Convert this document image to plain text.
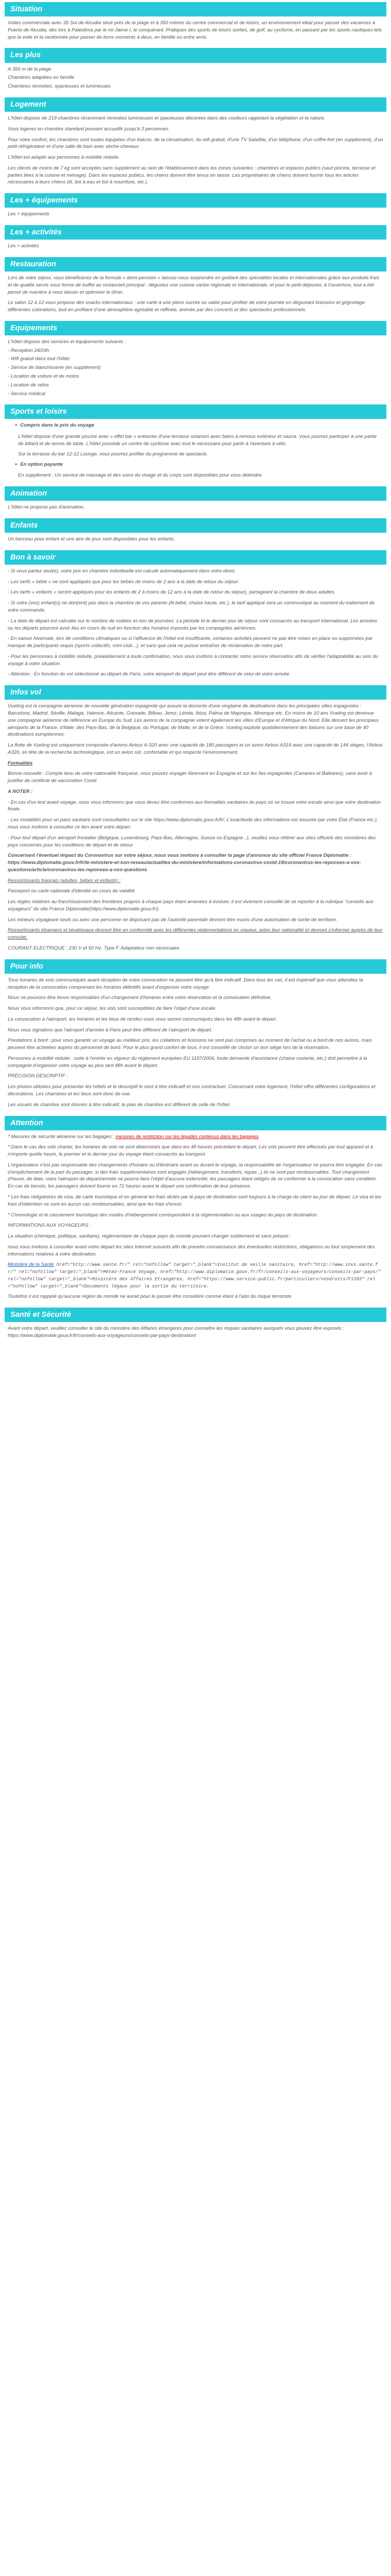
Situation

Voiles commerciale avec 35 Sol de Alcudia situé près de la plage et à 350 mètres du centre commercial et de loisirs, un environnement idéal pour passer des vacances à Puerto de Alcudia, dès lors à Paléolima par le roi Jaime I, le conquérant. Pratiques des sports de loisirs sorties, de golf, au cyclisme, en passant par les sports nautiques tels que la voile et la randonnée pour passer de bons moments à deux, en famille ou entre amis.

Les plus

A 350 m de la plage

Chambres adaptées en famille

Chambres rénovées, spacieuses et lumineuses

Logement

L'hôtel dispose de 219 chambres récemment rénovées lumineuses et spacieuses décorées dans des couleurs rappelant la végétation et la nature.

Vous logerez en chambre standard pouvant accueillir jusqu'à 3 personnes.

Pour votre confort, les chambres sont toutes équipées d'un balcon, de la climatisation, du wifi gratuit, d'une TV Satellite, d'un téléphone, d'un coffre-fort (en supplément), d'un petit réfrigérateur et d'une salle de bain avec sèche-cheveux.

L'hôtel est adapté aux personnes à mobilité réduite.

Les clients de moins de 7 kg sont acceptés sans supplément au sein de l'établissement dans les zones suivantes : chambres et espaces publics (sauf piscine, terrasse et parties liées à la cuisine et ménage). Dans les espaces publics, les chiens doivent être tenus en laisse. Les propriétaires de chiens doivent fournir tous les articles nécessaires à leurs chiens (lit, bol à eau et bol à nourriture, etc.).

Les + équipements

Les + équipements

Les + activités

Les + activités

Restauration

Lors de votre séjour, vous bénéficierez de la formule « demi-pension » laissez-vous surprendre en goûtant des spécialités locales et internationales grâce aux produits frais et de qualité servis sous forme de buffet au restaurant principal : dégustez une cuisine variée régionale et internationale, et pour le petit-déjeuner, à l'ouverture, tout a été pensé de manière à vous laisser et optimiser le dîner.

Le salon 12 à 12 vous propose des snacks internationaux : une carte à une pièce sucrée ou salée pour profiter de votre journée en dégustant boissons et grignotage différentes colorations, tout en profitant d'une atmosphère agréable et raffinée, animée par des concerts et des spectacles professionnels.

Equipements

L'hôtel dispose des services et équipements suivants :

- Réception 24/24h

- Wifi gratuit dans tout l'hôtel

- Service de blanchisserie (en supplément)

- Location de voiture et de motos

- Location de vélos

- Service médical

Sports et loisirs
● Compris dans le prix du voyage

L'hôtel dispose d'une grande piscine avec « effet bar » entourée d'une terrasse solarium avec bains à remous extérieur et sauna. Vous pourrez participer à une partie de billard et de tennis de table. L'hôtel possède un centre de cyclisme avec tout le nécessaire pour partir à l'aventure à vélo.

Sur la terrasse du bar 12-12 Lounge, vous pourrez profiter du programme de spectacle.

● En option payante

En supplément : Un service de massage et des soins du visage et du corps sont disponibles pour vous détendre.

Animation

L'hôtel ne propose pas d'animation.

Enfants

Un berceau pour enfant et une aire de jeux sont disponibles pour les enfants.

Bon à savoir

- Si vous partez seul(e), votre prix en chambre individuelle est calculé automatiquement dans votre devis.

- Les tarifs « bébé » ne sont appliqués que pour les bébés de moins de 2 ans à la date de retour du séjour.

- Les tarifs « enfants » seront appliqués pour les enfants de 2 à moins de 12 ans à la date de retour du séjour), partageant la chambre de deux adultes.

- Si votre (vos) enfant(s) ne dort(ent) pas dans la chambre de vos parents (lit bébé, chaise haute, etc.), le tarif appliqué sera un communiqué au moment du traitement de votre commande.

- La date de départ est calculée sur le nombre de nuitées et non de journées. La période et le dernier jour de séjour sont consacrés au transport international. Les arrivées ou les départs pourront avoir lieu en cours de nuit en fonction des horaires imposés par les compagnies aériennes.

- En saison hivernale, lors de conditions climatiques ou si l'affluence de l'hôtel est insuffisante, certaines activités peuvent ne pas être mises en place ou supprimées par manque de participants requis (sports collectifs, mini-club...), et sans que cela ne puisse entraîner de réclamation de notre part.

- Pour les personnes à mobilité réduite, préalablement à toute confirmation, nous vous invitons à contacter notre service réservation afin de vérifier l'adaptabilité au sein du voyage à votre situation.

- Attention : En fonction du vol sélectionné au départ de Paris, votre aéroport de départ peut être différent de celui de votre arrivée.

Infos vol

Vueling est la compagnie aérienne de nouvelle génération espagnole qui assure la desserte d'une vingtaine de destinations dans les principales villes espagnoles : Barcelone, Madrid, Séville, Malaga, Valence, Alicante, Grenade, Bilbao, Jerez, Lérida, Ibiza, Palma de Majorque, Minorque etc. En moins de 10 ans Vueling est devenue une compagnie aérienne de référence en Europe du Sud. Les avions de la compagnie volent également les villes d'Europe et d'Afrique du Nord. Elle dessert les principaux aéroports de la France, d'Italie, des Pays-Bas, de la Belgique, du Portugal, de Malte, et de la Grèce. Vueling exploite quotidiennement des liaisons sur une base de 40 destinations européennes.

La flotte de Vueling est uniquement composée d'avions Airbus A-320 avec une capacité de 180 passagers et un avion Airbus A319 avec une capacité de 144 sièges, l'Airbus A320, en tête de la recherche technologique, est un avion sûr, confortable et qui respecte l'environnement.

Formalités

Bonne nouvelle : Compte tenu de votre nationalité française, vous pouvez voyager librement en Espagne et sur les îles espagnoles (Canaries et Baléares), sans avoir à justifier de certificat de vaccination Covid.

A NOTER :

- En cas d'un test avant voyage, nous vous informons que vous devez être conformes aux formalités sanitaires du pays où se trouve votre escale ainsi que votre destination finale.

- Les modalités pour un pass sanitaire sont consultables sur le site https://www.diplomatie.gouv.fr/fr/. L'exactitude des informations est assurée par votre État (France etc.), nous vous invitons à consulter ce lien avant votre départ.

- Pour tout départ d'un aéroport frontalier (Belgique, Luxembourg, Pays-Bas, Allemagne, Suisse ou Espagne...), veuillez vous référer aux sites officiels des ministères des pays concernés pour les conditions de départ et de retour.

Concernant l'éventuel impact du Coronavirus sur votre séjour, nous vous invitons à consulter la page d'annonce du site officiel France Diplomatie : https://www.diplomatie.gouv.fr/fr/le-ministere-et-son-reseau/actualites-du-ministere/informations-coronavirus-covid-19/coronavirus-les-reponses-a-vos-questions/article/coronavirus-les-reponses-a-vos-questions

Ressortissants français (adultes, bébés et enfants) :

Passeport ou carte nationale d'identité en cours de validité.

Les règles relatives au franchissement des frontières propres à chaque pays étant amenées à évoluer, il est vivement conseillé de se reporter à la rubrique "conseils aux voyageurs" du site France Diplomatie(https://www.diplomatie.gouv.fr/).

Les mineurs voyageant seuls ou avec une personne ne disposant pas de l'autorité parentale devront être munis d'une autorisation de sortie de territoire.

Ressortissants étrangers et binationaux devront être en conformité avec les différentes réglementations en vigueur, selon leur nationalité et devront s'informer auprès de leur consulat.

COURANT ELECTRIQUE : 230 V et 50 Hz. Type F. Adaptateur non nécessaire.

Pour info

Tous horaires de vols communiqués avant réception de votre convocation ne peuvent être qu'à titre indicatif. Dans tous les cas, il est impératif que vous attendiez la réception de la convocation comprenant les horaires définitifs avant d'organiser votre voyage.

Nous ne pouvons être tenus responsables d'un changement d'horaires entre votre réservation et la convocation définitive.

Nous vous informons que, pour ce séjour, les vols sont susceptibles de faire l'objet d'une escale.

La convocation à l'aéroport, les horaires et les lieux de rendez-vous vous seront communiqués dans les 48h avant le départ.

Nous vous signalons que l'aéroport d'arrivée à Paris peut être différent de l'aéroport de départ.

Prestations à bord : pour vous garantir un voyage au meilleur prix, les collations et boissons ne sont pas comprises au moment de l'achat ou à bord de nos avions, mais peuvent être achetées auprès du personnel de bord. Pour le plus grand confort de tous, il est conseillé de choisir un bon siège lors de la réservation.

Personnes à mobilité réduite : suite à l'entrée en vigueur du règlement européen EU 1107/2006, toute demande d'assistance (chaise roulante, etc.) doit permettre à la compagnie d'organiser votre voyage au plus tard 48h avant le départ.

PRÉCISION DESCRIPTIF :

Les photos utilisées pour présenter les hôtels et le descriptif le sont à titre indicatif et non contractuel. Concernant votre logement, l'hôtel offre différentes configurations et décorations. Les chambres et les lieux sont donc de vue.

Les visuels de chambre sont donnés à titre indicatif, le plan de chambre est différent de celle de l'hôtel.

Attention

* Mesures de sécurité aérienne sur les bagages : mesures de restriction sur les liquides contenus dans les bagages

* Dans le cas des vols charter, les horaires de vols ne sont déterminés que dans les 48 heures précédant le départ. Les vols peuvent être effectués par tout appareil et à n'importe quelle heure, le premier et le dernier jour du voyage étant consacrés au transport.

L'organisateur n'est pas responsable des changements d'horaire ou d'itinéraire avant ou durant le voyage, la responsabilité de l'organisateur ne pourra être engagée. En cas d'empêchement de la part du passager, si des frais supplémentaires sont engagés (hébergement, transferts, repas...) ils ne sont pas remboursables. Tout changement d'heure, de date, voire l'aéroport de départ/arrivée ne pourra faire l'objet d'aucune indemnité, les passagers étant obligés de se conformer à la convocation sans condition. En cas de besoin, les passagers doivent fournir en 72 heures avant le départ une confirmation de leur présence.

* Les frais obligatoires de visa, de carte touristique et en général les frais dictés par le pays de destination sont toujours à la charge du client au jour de départ. Le visa et les frais d'obtention ne sont en aucun cas remboursables, ainsi que les frais d'envoi.

* Chronologie et le classement touristique des modes d'hébergement correspondent à la réglementation ou aux usages du pays de destination.

INFORMATIONS AUX VOYAGEURS :

La situation (chimique, politique, sanitaire), réglementaire de chaque pays du monde pouvant changer subitement et sans préavis :

nous vous invitons à consulter avant votre départ les sites Internet suivants afin de prendre connaissance des éventuelles restrictions, obligations ou tout simplement des informations relatives à votre destination.

Ministère de la Santé href="http://www.sante.fr/" rel="nofollow" target="_blank">Institut de veille sanitaire, href="http://www.invs.sante.fr/" rel="nofollow" target="_blank">Météo-France Voyage, href="http://www.diplomatie.gouv.fr/fr/conseils-aux-voyageurs/conseils-par-pays/" rel="nofollow" target="_blank">Ministère des Affaires Etrangères, href="https://www.service-public.fr/particuliers/vosdroits/F1203" rel="nofollow" target="_blank">Documents légaux pour la sortie du territoire.

Toutefois il est rappelé qu'aucune région du monde ne aurait pour le passer être considéré comme étant à l'abri du risque terroriste.

Santé et Sécurité

Avant votre départ, veuillez consulter le site du ministère des Affaires étrangères pour connaître les risques sanitaires auxquels vous pouvez être exposés : https://www.diplomatie.gouv.fr/fr/conseils-aux-voyageurs/conseils-par-pays-destination/
